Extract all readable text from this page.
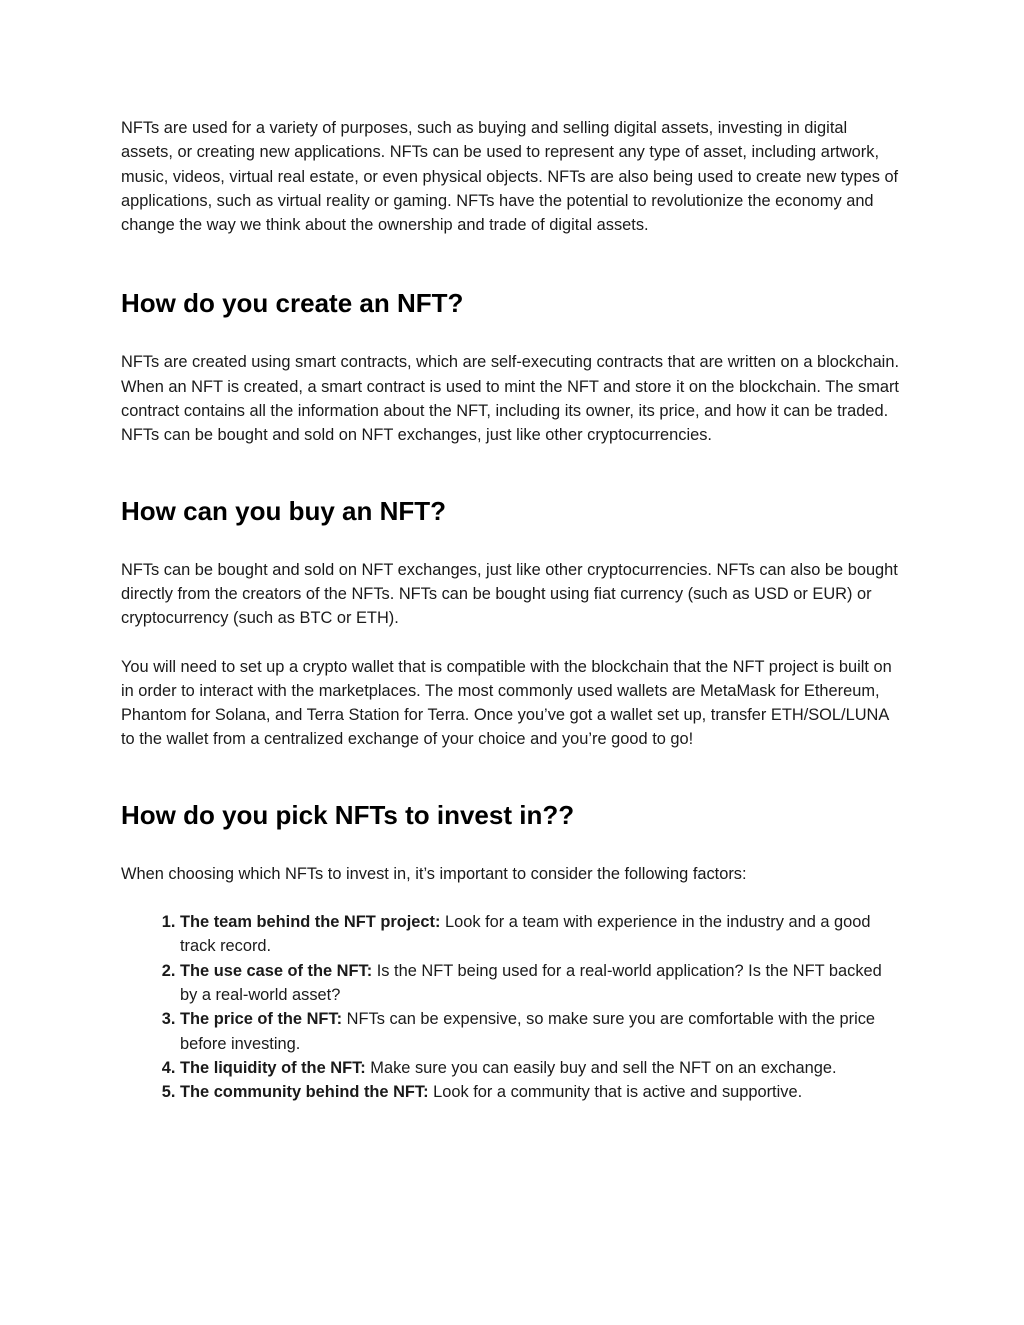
NFTs are used for a variety of purposes, such as buying and selling digital assets, investing in digital assets, or creating new applications. NFTs can be used to represent any type of asset, including artwork, music, videos, virtual real estate, or even physical objects. NFTs are also being used to create new types of applications, such as virtual reality or gaming. NFTs have the potential to revolutionize the economy and change the way we think about the ownership and trade of digital assets.

How do you create an NFT?

NFTs are created using smart contracts, which are self-executing contracts that are written on a blockchain. When an NFT is created, a smart contract is used to mint the NFT and store it on the blockchain. The smart contract contains all the information about the NFT, including its owner, its price, and how it can be traded. NFTs can be bought and sold on NFT exchanges, just like other cryptocurrencies.

How can you buy an NFT?

NFTs can be bought and sold on NFT exchanges, just like other cryptocurrencies. NFTs can also be bought directly from the creators of the NFTs. NFTs can be bought using fiat currency (such as USD or EUR) or cryptocurrency (such as BTC or ETH).

You will need to set up a crypto wallet that is compatible with the blockchain that the NFT project is built on in order to interact with the marketplaces. The most commonly used wallets are MetaMask for Ethereum, Phantom for Solana, and Terra Station for Terra. Once you’ve got a wallet set up, transfer ETH/SOL/LUNA to the wallet from a centralized exchange of your choice and you’re good to go!

How do you pick NFTs to invest in??

When choosing which NFTs to invest in, it’s important to consider the following factors:

1. The team behind the NFT project: Look for a team with experience in the industry and a good track record.
2. The use case of the NFT: Is the NFT being used for a real-world application? Is the NFT backed by a real-world asset?
3. The price of the NFT: NFTs can be expensive, so make sure you are comfortable with the price before investing.
4. The liquidity of the NFT: Make sure you can easily buy and sell the NFT on an exchange.
5. The community behind the NFT: Look for a community that is active and supportive.
